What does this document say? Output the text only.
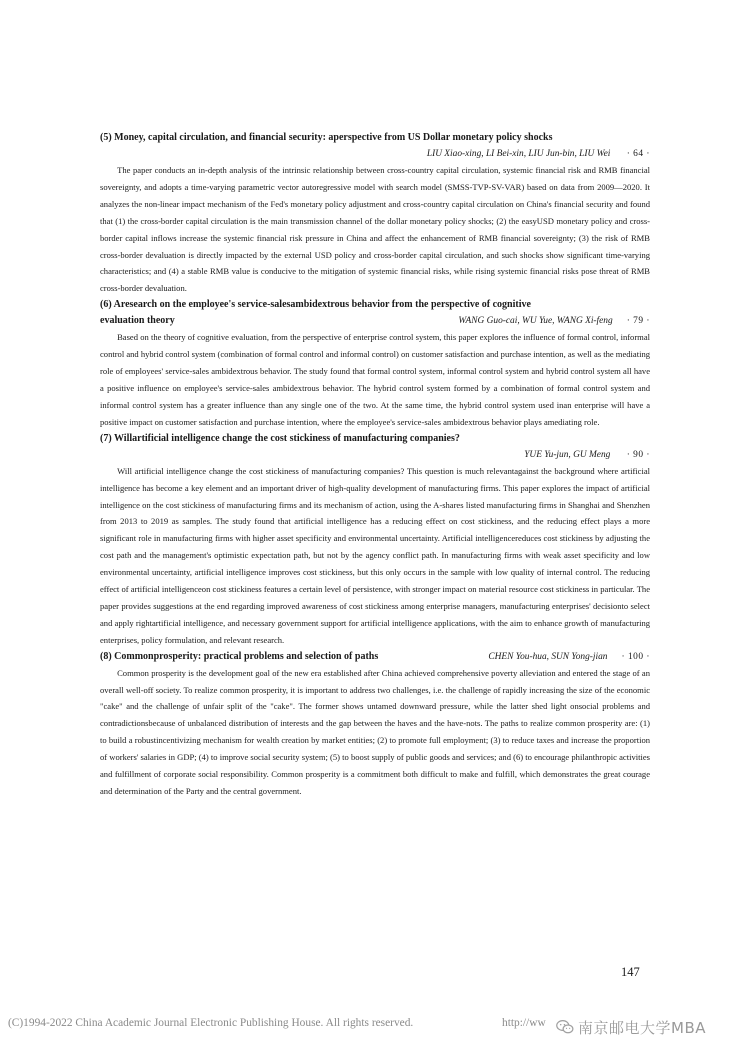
(5) Money, capital circulation, and financial security: aperspective from US Dollar monetary policy shocks
LIU Xiao-xing, LI Bei-xin, LIU Jun-bin, LIU Wei · 64 ·

The paper conducts an in-depth analysis of the intrinsic relationship between cross-country capital circulation, systemic financial risk and RMB financial sovereignty, and adopts a time-varying parametric vector autoregressive model with search model (SMSS-TVP-SV-VAR) based on data from 2009—2020. It analyzes the non-linear impact mechanism of the Fed's monetary policy adjustment and cross-country capital circulation on China's financial security and found that (1) the cross-border capital circulation is the main transmission channel of the dollar monetary policy shocks; (2) the easyUSD monetary policy and cross-border capital inflows increase the systemic financial risk pressure in China and affect the enhancement of RMB financial sovereignty; (3) the risk of RMB cross-border devaluation is directly impacted by the external USD policy and cross-border capital circulation, and such shocks show significant time-varying characteristics; and (4) a stable RMB value is conducive to the mitigation of systemic financial risks, while rising systemic financial risks pose threat of RMB cross-border devaluation.

(6) Aresearch on the employee's service-salesambidextrous behavior from the perspective of cognitive
evaluation theory	WANG Guo-cai, WU Yue, WANG Xi-feng · 79 ·

Based on the theory of cognitive evaluation, from the perspective of enterprise control system, this paper explores the influence of formal control, informal control and hybrid control system (combination of formal control and informal control) on customer satisfaction and purchase intention, as well as the mediating role of employees' service-sales ambidextrous behavior. The study found that formal control system, informal control system and hybrid control system all have a positive influence on employee's service-sales ambidextrous behavior. The hybrid control system formed by a combination of formal control system and informal control system has a greater influence than any single one of the two. At the same time, the hybrid control system used inan enterprise will have a positive impact on customer satisfaction and purchase intention, where the employee's service-sales ambidextrous behavior plays amediating role.

(7) Willartificial intelligence change the cost stickiness of manufacturing companies?
YUE Yu-jun, GU Meng · 90 ·

Will artificial intelligence change the cost stickiness of manufacturing companies? This question is much relevantagainst the background where artificial intelligence has become a key element and an important driver of high-quality development of manufacturing firms. This paper explores the impact of artificial intelligence on the cost stickiness of manufacturing firms and its mechanism of action, using the A-shares listed manufacturing firms in Shanghai and Shenzhen from 2013 to 2019 as samples. The study found that artificial intelligence has a reducing effect on cost stickiness, and the reducing effect plays a more significant role in manufacturing firms with higher asset specificity and environmental uncertainty. Artificial intelligencereduces cost stickiness by adjusting the cost path and the management's optimistic expectation path, but not by the agency conflict path. In manufacturing firms with weak asset specificity and low environmental uncertainty, artificial intelligence improves cost stickiness, but this only occurs in the sample with low quality of internal control. The reducing effect of artificial intelligenceon cost stickiness features a certain level of persistence, with stronger impact on material resource cost stickiness in particular. The paper provides suggestions at the end regarding improved awareness of cost stickiness among enterprise managers, manufacturing enterprises' decisionto select and apply rightartificial intelligence, and necessary government support for artificial intelligence applications, with the aim to enhance growth of manufacturing enterprises, policy formulation, and relevant research.

(8) Commonprosperity: practical problems and selection of paths	CHEN You-hua, SUN Yong-jian · 100 ·

Common prosperity is the development goal of the new era established after China achieved comprehensive poverty alleviation and entered the stage of an overall well-off society. To realize common prosperity, it is important to address two challenges, i.e. the challenge of rapidly increasing the size of the economic "cake" and the challenge of unfair split of the "cake". The former shows untamed downward pressure, while the latter shed light onsocial problems and contradictionsbecause of unbalanced distribution of interests and the gap between the haves and the have-nots. The paths to realize common prosperity are: (1) to build a robustincentivizing mechanism for wealth creation by market entities; (2) to promote full employment; (3) to reduce taxes and increase the proportion of workers' salaries in GDP; (4) to improve social security system; (5) to boost supply of public goods and services; and (6) to encourage philanthropic activities and fulfillment of corporate social responsibility. Common prosperity is a commitment both difficult to make and fulfill, which demonstrates the great courage and determination of the Party and the central government.

147
(C)1994-2022 China Academic Journal Electronic Publishing House. All rights reserved.	http://ww 南京邮电大学MBA
